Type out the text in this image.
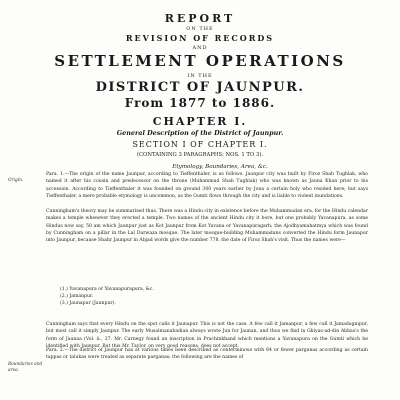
REPORT
ON THE
REVISION OF RECORDS
AND
SETTLEMENT OPERATIONS
IN THE
DISTRICT OF JAUNPUR.
From 1877 to 1886.
CHAPTER I.
General Description of the District of Jaunpur.
SECTION I OF CHAPTER I.
(CONTAINING 3 PARAGRAPHS: NOS. 1 TO 3).
Etymology, Boundaries, Area, &c.
Origin.

Para. 1.—The origin of the name Jaunpur, according to Tieffenthaler, is as follows. Jaunpur city was built by Firoz Shah Tughlak, who named it after his cousin and predecessor on the throne (Muhammad Shah Tughlak) who was known as Jauna Khan prior to his accession. According to Tieffenthaler it was founded on ground 300 years earlier by Jona a certain holy who resided here; but says Tieffenthaler, a mere probable etymology is uncommon, as the Gumti flows through the city and is liable to violent inundations.

Cunningham's theory may be summarised thus. There was a Hindu city in existence before the Muhammadan era, for the Hindu calendar makes a temple whenever they erected a temple. Two names of the ancient Hindu city it bore, but one probably Yavanapura, as some Hindus now say, 50 am which Jaunpur just as Kot Jaunpur from Kot Yavana or Yavanapuragarh; the Ajodhyamahatmya which was found by Cunningham on a pillar in the Lal Darwaza mosque. The later mosque-building Muhammadans converted the Hindu form Jaunapur into Jaunpur, because Shahr Jaunpur in Abjad words give the number 778, the date of Firoz Shah's visit. Thus the names were—

(1.) Yavanapura or Yavanapurapura, &c.
(2.) Jamanpur.
(3.) Jaunapur (Jaunpur).

Cunningham says that every Hindu on the spot calls it Jaunapur. This is not the case. A few call it Jamanpur, a few call it Jamadagnipur, but most call it simply Jaunpur. The early Musalmanabadian always wrote Jun for Jaunan, and thus we find in Ghiyas-ud-din Abbas's the form of Jaunaa (Vol. ii., 27. Mr. Carnegy found an inscription in Prachinkhand which mentions a Yavanapura on the Gumti which he identified with Jaunpur. But this Mr. Taylor, on very good reasons, does not accept.

Boundaries and area.

Para. 2.—The district of Jaunpur has at various times been described as conterminous with 64 or fewer parganas according as certain tappas or talukas were treated as separate parganas; the following are the names of
